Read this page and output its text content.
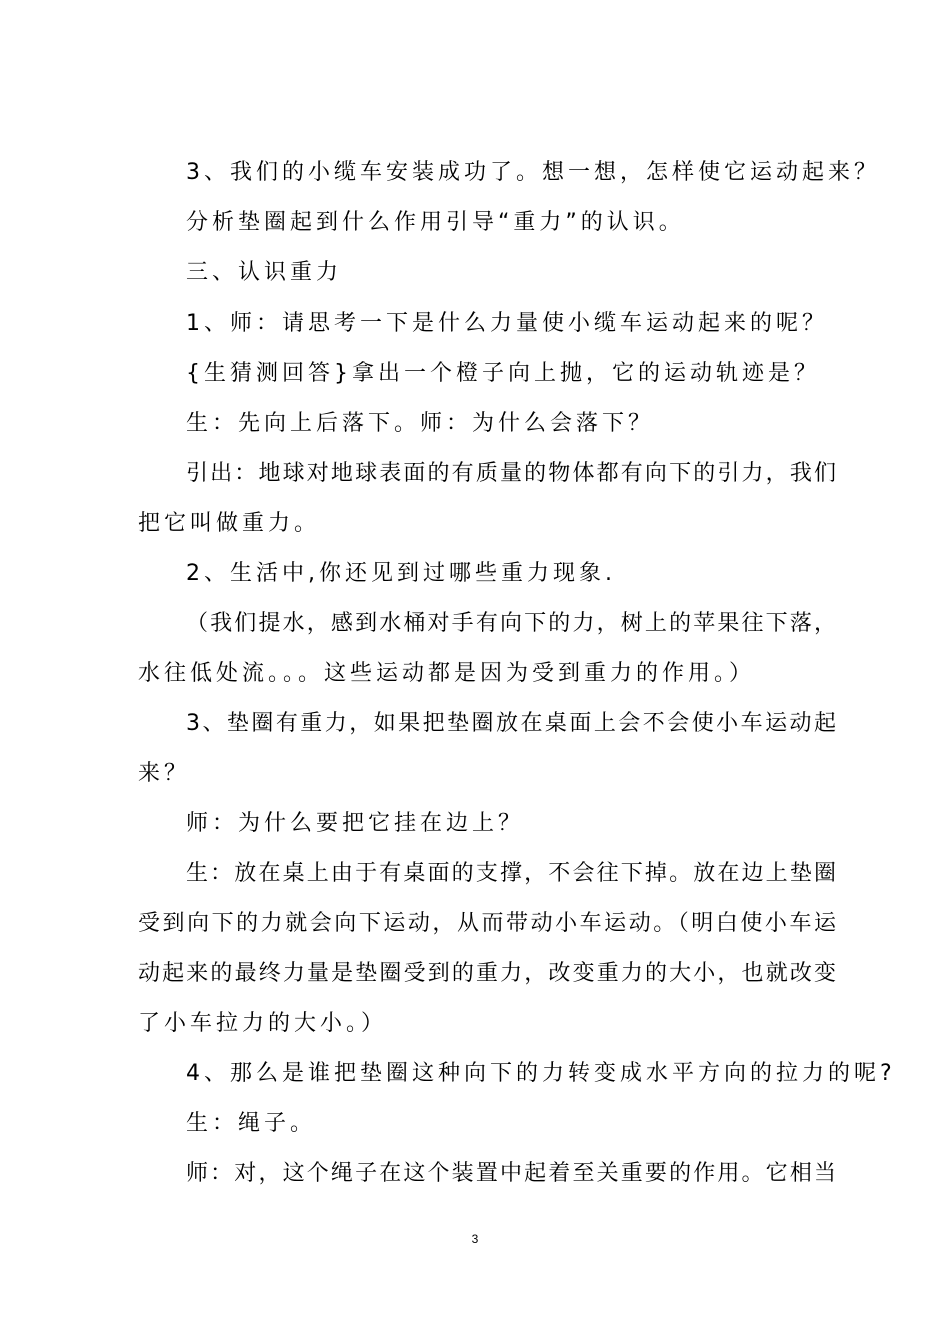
3、我们的小缆车安装成功了。想一想，怎样使它运动起来？
分析垫圈起到什么作用引导“重力”的认识。
三、认识重力
1、师：请思考一下是什么力量使小缆车运动起来的呢？
{生猜测回答}拿出一个橙子向上抛，它的运动轨迹是？
生：先向上后落下。师：为什么会落下？
引出：地球对地球表面的有质量的物体都有向下的引力，我们
把它叫做重力。
2、生活中,你还见到过哪些重力现象.
（我们提水，感到水桶对手有向下的力，树上的苹果往下落，
水往低处流。。。这些运动都是因为受到重力的作用。）
3、垫圈有重力，如果把垫圈放在桌面上会不会使小车运动起
来？
师：为什么要把它挂在边上？
生：放在桌上由于有桌面的支撑，不会往下掉。放在边上垫圈
受到向下的力就会向下运动，从而带动小车运动。（明白使小车运
动起来的最终力量是垫圈受到的重力，改变重力的大小，也就改变
了小车拉力的大小。）
4、那么是谁把垫圈这种向下的力转变成水平方向的拉力的呢?
生：绳子。
师：对，这个绳子在这个装置中起着至关重要的作用。它相当
3
